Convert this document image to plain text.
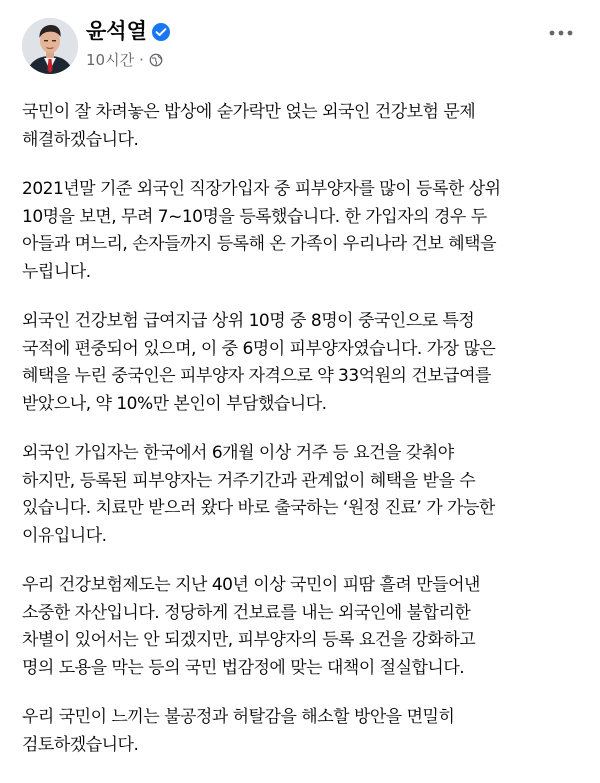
윤석열
10시간 ·

국민이 잘 차려놓은 밥상에 숟가락만 얹는 외국인 건강보험 문제
해결하겠습니다.

2021년말 기준 외국인 직장가입자 중 피부양자를 많이 등록한 상위
10명을 보면, 무려 7~10명을 등록했습니다. 한 가입자의 경우 두
아들과 며느리, 손자들까지 등록해 온 가족이 우리나라 건보 혜택을
누립니다.

외국인 건강보험 급여지급 상위 10명 중 8명이 중국인으로 특정
국적에 편중되어 있으며, 이 중 6명이 피부양자였습니다. 가장 많은
혜택을 누린 중국인은 피부양자 자격으로 약 33억원의 건보급여를
받았으나, 약 10%만 본인이 부담했습니다.

외국인 가입자는 한국에서 6개월 이상 거주 등 요건을 갖춰야
하지만, 등록된 피부양자는 거주기간과 관계없이 혜택을 받을 수
있습니다. 치료만 받으러 왔다 바로 출국하는 ‘원정 진료’ 가 가능한
이유입니다.

우리 건강보험제도는 지난 40년 이상 국민이 피땀 흘려 만들어낸
소중한 자산입니다. 정당하게 건보료를 내는 외국인에 불합리한
차별이 있어서는 안 되겠지만, 피부양자의 등록 요건을 강화하고
명의 도용을 막는 등의 국민 법감정에 맞는 대책이 절실합니다.

우리 국민이 느끼는 불공정과 허탈감을 해소할 방안을 면밀히
검토하겠습니다.
